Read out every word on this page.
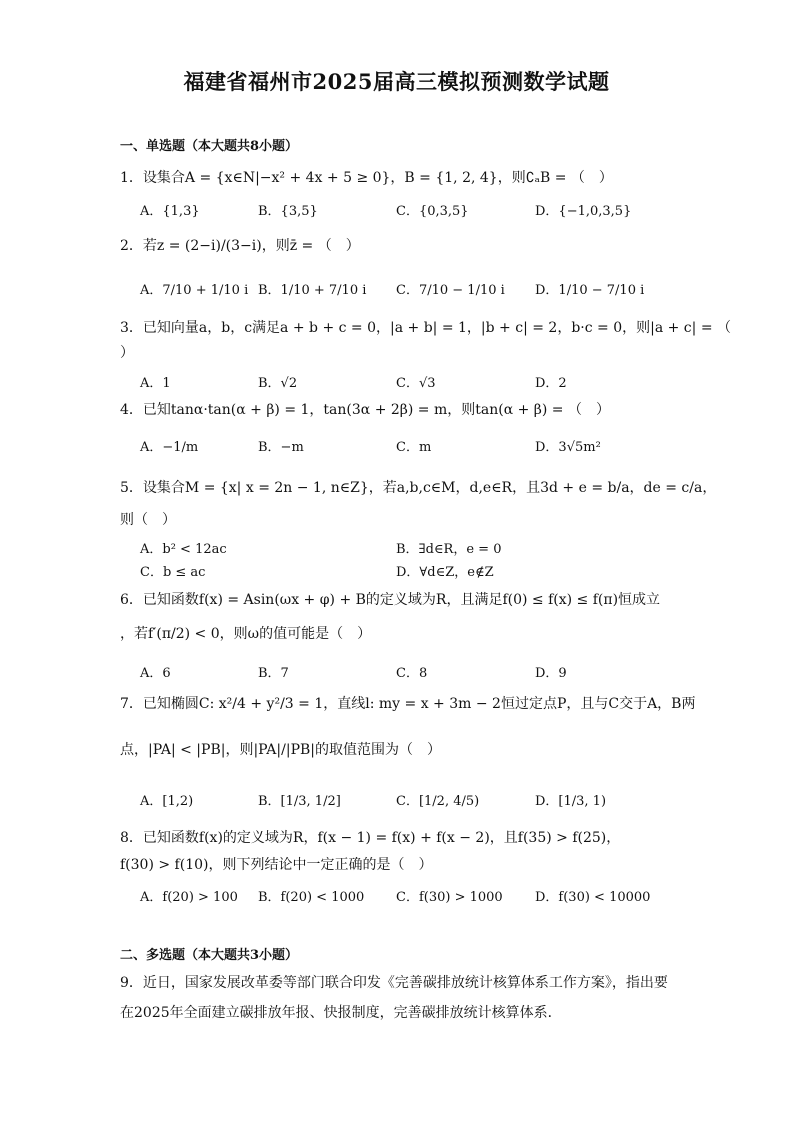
福建省福州市2025届高三模拟预测数学试题
一、单选题（本大题共8小题）
1．设集合A = {x∈N|−x² + 4x + 5 ≥ 0}，B = {1, 2, 4}，则∁ₐB = （　）
A．{1,3}	B．{3,5}	C．{0,3,5}	D．{−1,0,3,5}
2．若z = (2−i)/(3−i)，则z̄ = （　）
A．7/10 + 1/10 i B．1/10 + 7/10 i C．7/10 − 1/10 i D．1/10 − 7/10 i
3．已知向量a，b，c满足a + b + c = 0，|a + b| = 1，|b + c| = 2，b·c = 0，则|a + c| = （
）
A．1	B．√2	C．√3	D．2
4．已知tanα·tan(α + β) = 1，tan(3α + 2β) = m，则tan(α + β) = （　）
A．−1/m	B．−m	C．m	D．3√5m²
5．设集合M = {x| x = 2n − 1, n∈Z}，若a,b,c∈M，d,e∈R，且3d + e = b/a，de = c/a，
则（　）
A．b² < 12ac	B．∃d∈R，e = 0
C．b ≤ ac	D．∀d∈Z，e∉Z
6．已知函数f(x) = Asin(ωx + φ) + B的定义域为R，且满足f(0) ≤ f(x) ≤ f(π)恒成立
，若f′(π/2) < 0，则ω的值可能是（　）
A．6	B．7	C．8	D．9
7．已知椭圆C: x²/4 + y²/3 = 1，直线l: my = x + 3m − 2恒过定点P，且与C交于A，B两
点，|PA| < |PB|，则|PA|/|PB|的取值范围为（　）
A．[1,2)	B．[1/3, 1/2]	C．[1/2, 4/5)	D．[1/3, 1)
8．已知函数f(x)的定义域为R，f(x − 1) = f(x) + f(x − 2)，且f(35) > f(25)，
f(30) > f(10)，则下列结论中一定正确的是（　）
A．f(20) > 100 B．f(20) < 1000 C．f(30) > 1000 D．f(30) < 10000
二、多选题（本大题共3小题）
9．近日，国家发展改革委等部门联合印发《完善碳排放统计核算体系工作方案》，指出要在2025年全面建立碳排放年报、快报制度，完善碳排放统计核算体系．
